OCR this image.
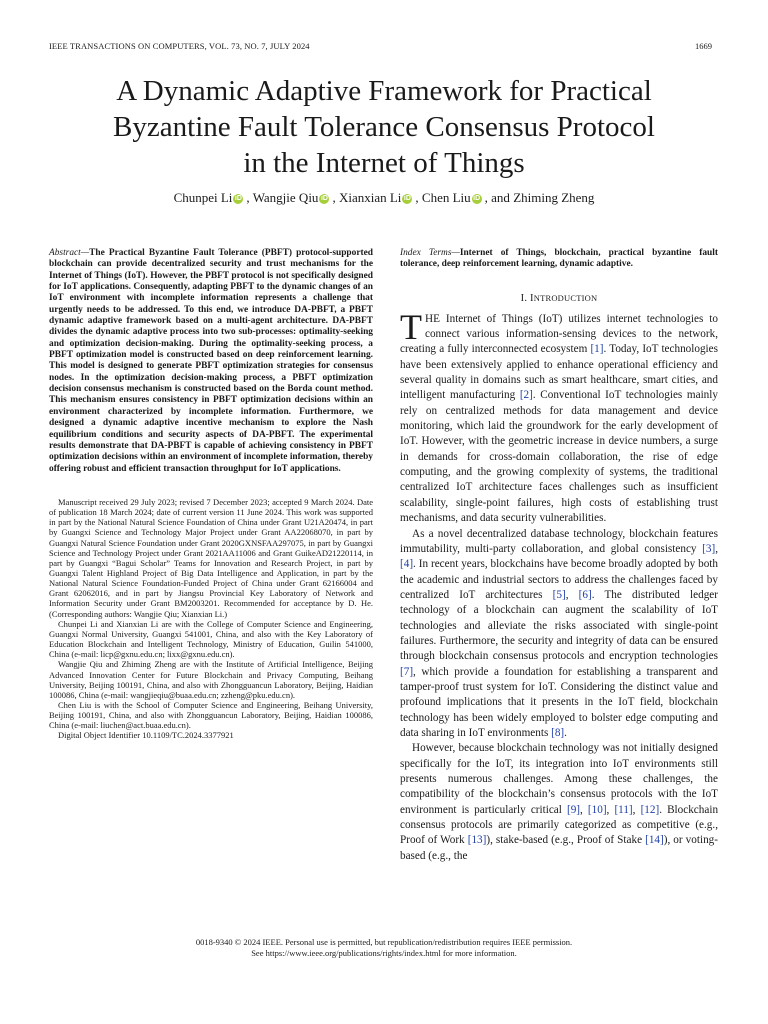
IEEE TRANSACTIONS ON COMPUTERS, VOL. 73, NO. 7, JULY 2024	1669
A Dynamic Adaptive Framework for Practical
Byzantine Fault Tolerance Consensus Protocol
in the Internet of Things
Chunpei Li iD , Wangjie Qiu iD , Xianxian Li iD , Chen Liu iD , and Zhiming Zheng

Abstract—The Practical Byzantine Fault Tolerance (PBFT) protocol-supported blockchain can provide decentralized security and trust mechanisms for the Internet of Things (IoT). However, the PBFT protocol is not specifically designed for IoT applications. Consequently, adapting PBFT to the dynamic changes of an IoT environment with incomplete information represents a challenge that urgently needs to be addressed. To this end, we introduce DA-PBFT, a PBFT dynamic adaptive framework based on a multi-agent architecture. DA-PBFT divides the dynamic adaptive process into two sub-processes: optimality-seeking and optimization decision-making. During the optimality-seeking process, a PBFT optimization model is constructed based on deep reinforcement learning. This model is designed to generate PBFT optimization strategies for consensus nodes. In the optimization decision-making process, a PBFT optimization decision consensus mechanism is constructed based on the Borda count method. This mechanism ensures consistency in PBFT optimization decisions within an environment characterized by incomplete information. Furthermore, we designed a dynamic adaptive incentive mechanism to explore the Nash equilibrium conditions and security aspects of DA-PBFT. The experimental results demonstrate that DA-PBFT is capable of achieving consistency in PBFT optimization decisions within an environment of incomplete information, thereby offering robust and efficient transaction throughput for IoT applications.

Manuscript received 29 July 2023; revised 7 December 2023; accepted 9 March 2024. Date of publication 18 March 2024; date of current version 11 June 2024. This work was supported in part by the National Natural Science Foundation of China under Grant U21A20474, in part by Guangxi Science and Technology Major Project under Grant AA22068070, in part by Guangxi Natural Science Foundation under Grant 2020GXNSFAA297075, in part by Guangxi Science and Technology Project under Grant 2021AA11006 and Grant GuikeAD21220114, in part by Guangxi “Bagui Scholar” Teams for Innovation and Research Project, in part by Guangxi Talent Highland Project of Big Data Intelligence and Application, in part by the National Natural Science Foundation-Funded Project of China under Grant 62166004 and Grant 62062016, and in part by Jiangsu Provincial Key Laboratory of Network and Information Security under Grant BM2003201. Recommended for acceptance by D. He. (Corresponding authors: Wangjie Qiu; Xianxian Li.)

Chunpei Li and Xianxian Li are with the College of Computer Science and Engineering, Guangxi Normal University, Guangxi 541001, China, and also with the Key Laboratory of Education Blockchain and Intelligent Technology, Ministry of Education, Guilin 541000, China (e-mail: licp@gxnu.edu.cn; lixx@gxnu.edu.cn).

Wangjie Qiu and Zhiming Zheng are with the Institute of Artificial Intelligence, Beijing Advanced Innovation Center for Future Blockchain and Privacy Computing, Beihang University, Beijing 100191, China, and also with Zhongguancun Laboratory, Beijing, Haidian 100086, China (e-mail: wangjieqiu@buaa.edu.cn; zzheng@pku.edu.cn).

Chen Liu is with the School of Computer Science and Engineering, Beihang University, Beijing 100191, China, and also with Zhongguancun Laboratory, Beijing, Haidian 100086, China (e-mail: liuchen@act.buaa.edu.cn).

Digital Object Identifier 10.1109/TC.2024.3377921

Index Terms—Internet of Things, blockchain, practical byzantine fault tolerance, deep reinforcement learning, dynamic adaptive.

I. INTRODUCTION

THE Internet of Things (IoT) utilizes internet technologies to connect various information-sensing devices to the network, creating a fully interconnected ecosystem [1]. Today, IoT technologies have been extensively applied to enhance operational efficiency and several quality in domains such as smart healthcare, smart cities, and intelligent manufacturing [2]. Conventional IoT technologies mainly rely on centralized methods for data management and device monitoring, which laid the groundwork for the early development of IoT. However, with the geometric increase in device numbers, a surge in demands for cross-domain collaboration, the rise of edge computing, and the growing complexity of systems, the traditional centralized IoT architecture faces challenges such as insufficient scalability, single-point failures, high costs of establishing trust mechanisms, and data security vulnerabilities.

As a novel decentralized database technology, blockchain features immutability, multi-party collaboration, and global consistency [3], [4]. In recent years, blockchains have become broadly adopted by both the academic and industrial sectors to address the challenges faced by centralized IoT architectures [5], [6]. The distributed ledger technology of a blockchain can augment the scalability of IoT technologies and alleviate the risks associated with single-point failures. Furthermore, the security and integrity of data can be ensured through blockchain consensus protocols and encryption technologies [7], which provide a foundation for establishing a transparent and tamper-proof trust system for IoT. Considering the distinct value and profound implications that it presents in the IoT field, blockchain technology has been widely employed to bolster edge computing and data sharing in IoT environments [8].

However, because blockchain technology was not initially designed specifically for the IoT, its integration into IoT environments still presents numerous challenges. Among these challenges, the compatibility of the blockchain’s consensus protocols with the IoT environment is particularly critical [9], [10], [11], [12]. Blockchain consensus protocols are primarily categorized as competitive (e.g., Proof of Work [13]), stake-based (e.g., Proof of Stake [14]), or voting-based (e.g., the

0018-9340 © 2024 IEEE. Personal use is permitted, but republication/redistribution requires IEEE permission.
See https://www.ieee.org/publications/rights/index.html for more information.
